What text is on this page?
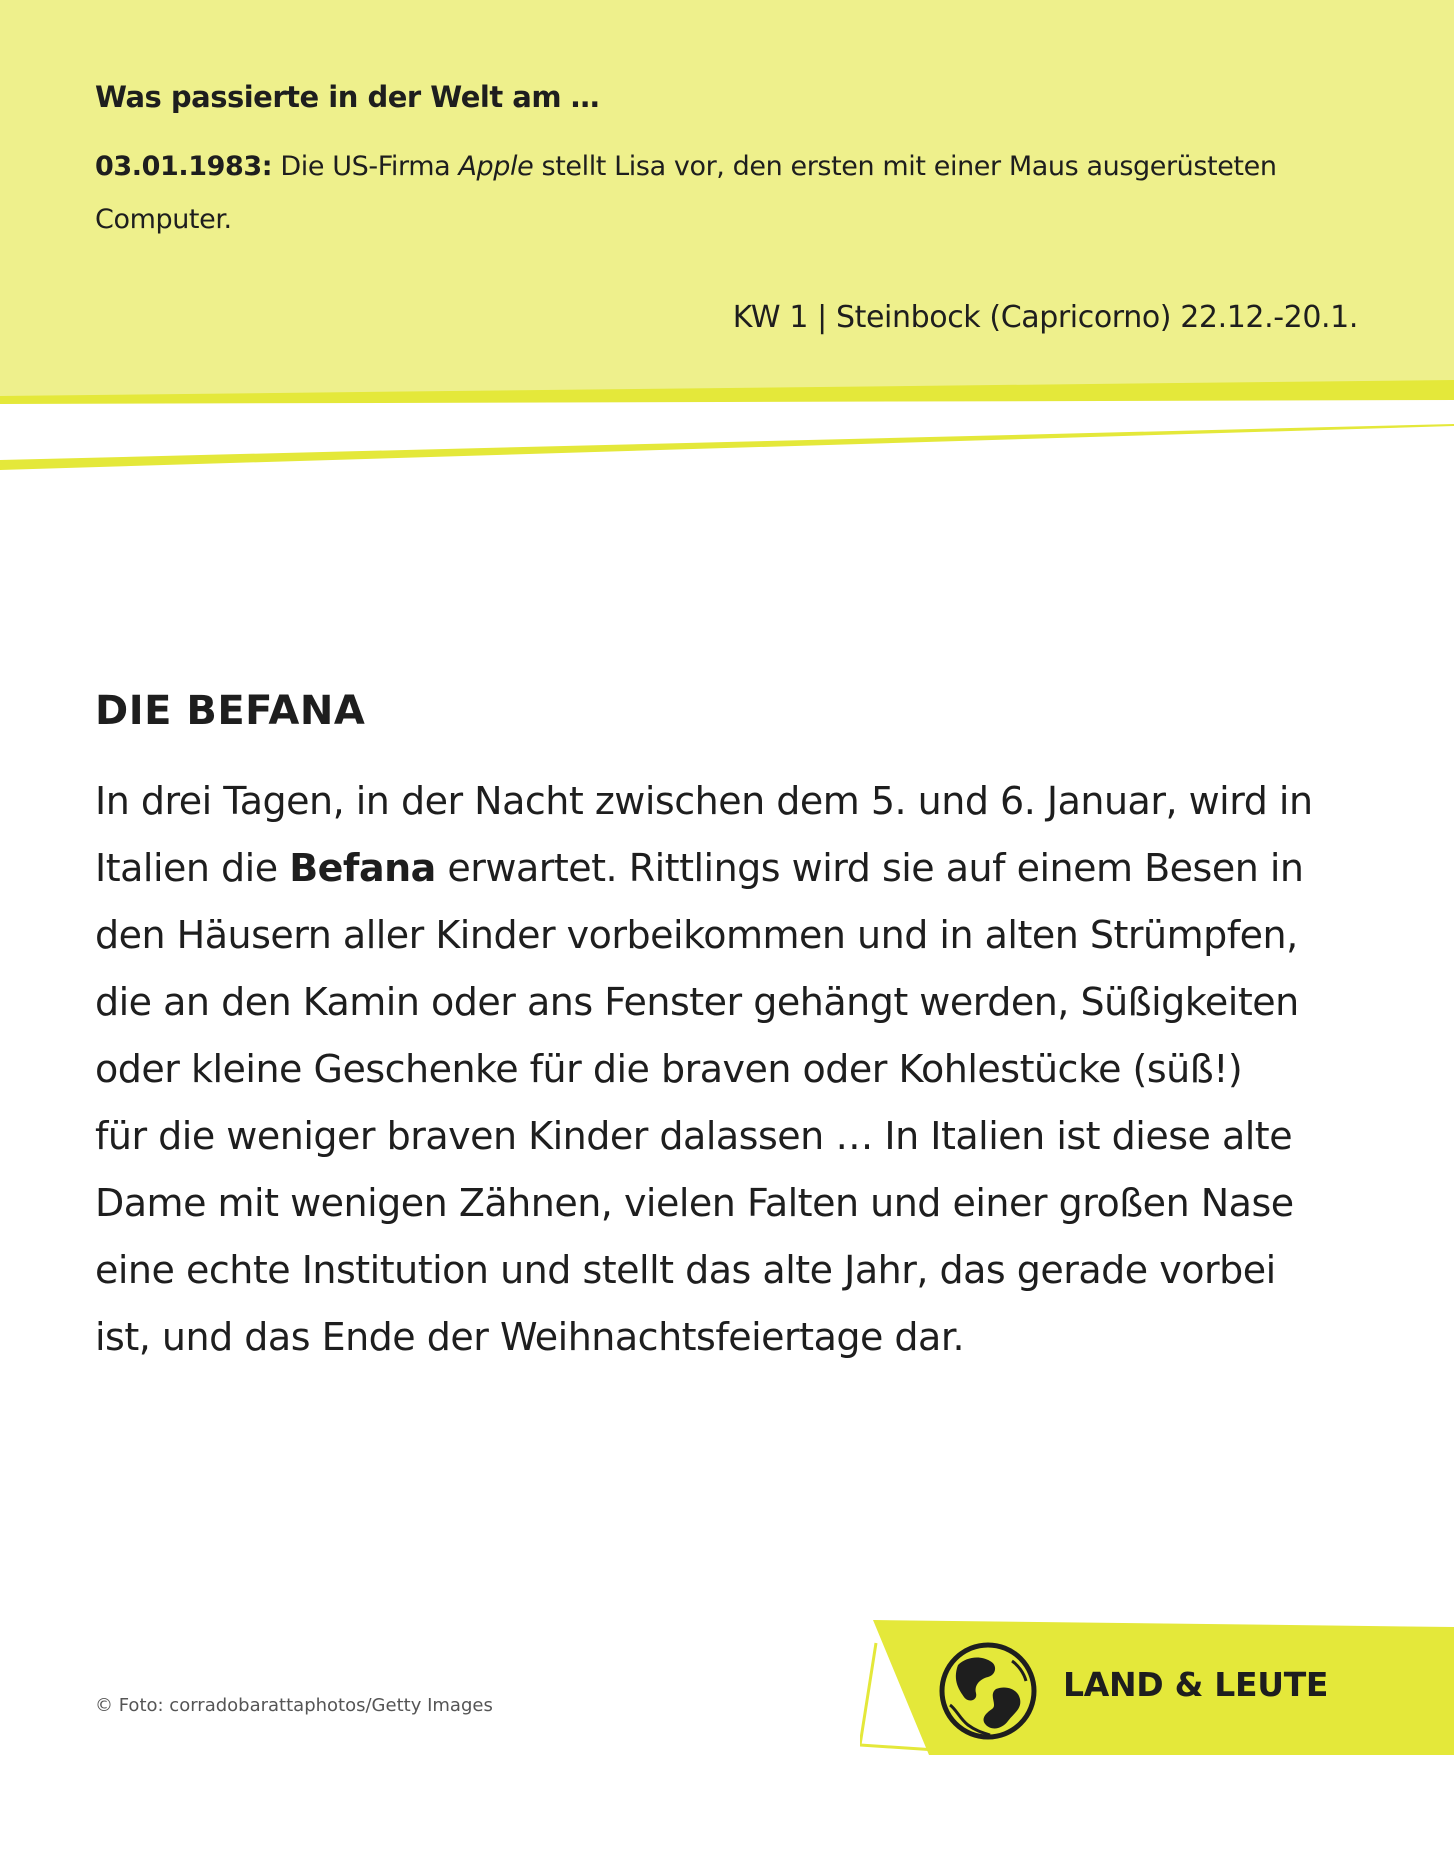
Was passierte in der Welt am …
03.01.1983: Die US-Firma Apple stellt Lisa vor, den ersten mit einer Maus ausgerüsteten Computer.
KW 1 | Steinbock (Capricorno) 22.12.-20.1.
DIE BEFANA
In drei Tagen, in der Nacht zwischen dem 5. und 6. Januar, wird in
Italien die Befana erwartet. Rittlings wird sie auf einem Besen in
den Häusern aller Kinder vorbeikommen und in alten Strümpfen,
die an den Kamin oder ans Fenster gehängt werden, Süßigkeiten
oder kleine Geschenke für die braven oder Kohlestücke (süß!)
für die weniger braven Kinder dalassen … In Italien ist diese alte
Dame mit wenigen Zähnen, vielen Falten und einer großen Nase
eine echte Institution und stellt das alte Jahr, das gerade vorbei
ist, und das Ende der Weihnachtsfeiertage dar.
© Foto: corradobarattaphotos/Getty Images
LAND & LEUTE
